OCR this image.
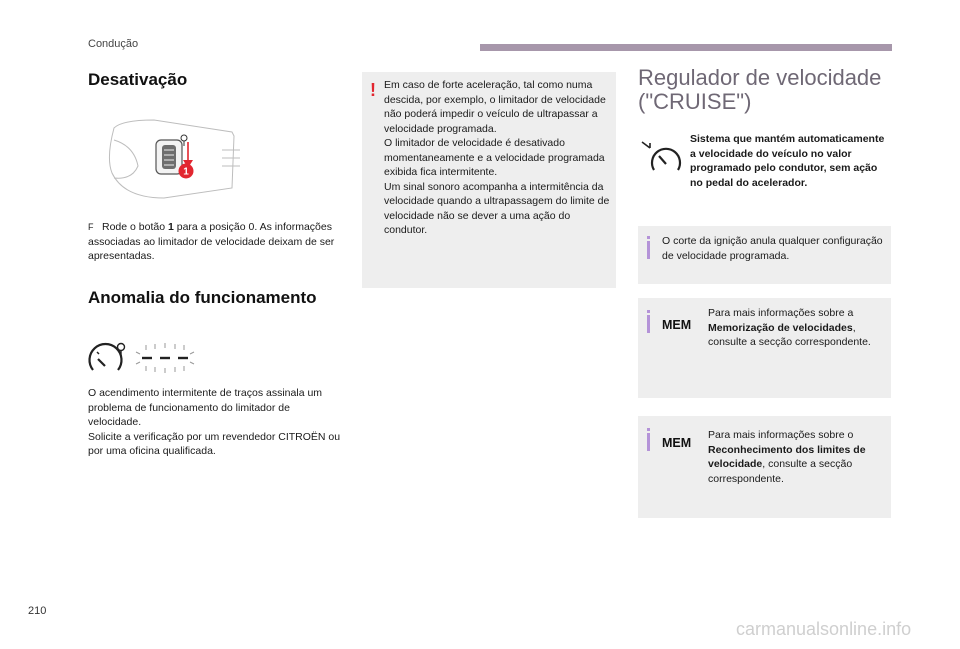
Condução
Desativação
1
F Rode o botão 1 para a posição 0. As informações associadas ao limitador de velocidade deixam de ser apresentadas.
Anomalia do funcionamento
O acendimento intermitente de traços assinala um problema de funcionamento do limitador de velocidade.
Solicite a verificação por um revendedor CITROËN ou por uma oficina qualificada.
! Em caso de forte aceleração, tal como numa descida, por exemplo, o limitador de velocidade não poderá impedir o veículo de ultrapassar a velocidade programada.
O limitador de velocidade é desativado momentaneamente e a velocidade programada exibida fica intermitente.
Um sinal sonoro acompanha a intermitência da velocidade quando a ultrapassagem do limite de velocidade não se dever a uma ação do condutor.
Regulador de velocidade
("CRUISE")
Sistema que mantém automaticamente a velocidade do veículo no valor programado pelo condutor, sem ação no pedal do acelerador.
O corte da ignição anula qualquer configuração de velocidade programada.
MEM
Para mais informações sobre a Memorização de velocidades, consulte a secção correspondente.
MEM
Para mais informações sobre o Reconhecimento dos limites de velocidade, consulte a secção correspondente.
210
carmanualsonline.info
